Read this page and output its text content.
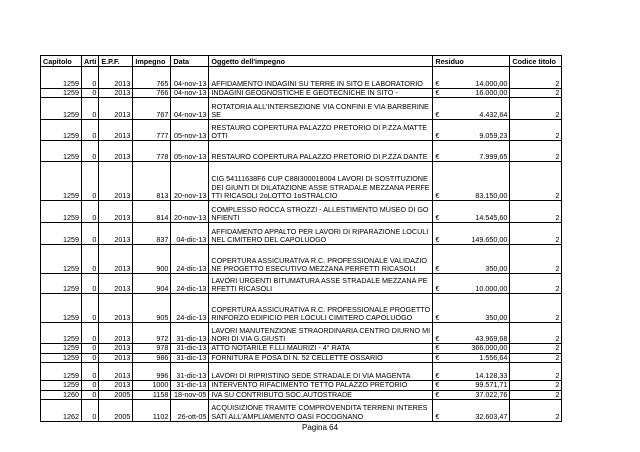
Capitolo	Arti	E.P.F.	Impegno	Data	Oggetto dell'impegno	Residuo	Codice titolo
1259	0	2013	765	04-nov-13	AFFIDAMENTO INDAGINI SU TERRE IN SITO E LABORATORIO	€ 14.000,00	2
1259	0	2013	766	04-nov-13	INDAGINI GEOGNOSTICHE E GEOTECNICHE IN SITO -	€ 16.000,00	2
1259	0	2013	767	04-nov-13	ROTATORIA ALL'INTERSEZIONE VIA CONFINI E VIA BARBERINESE	€ 4.432,64	2
1259	0	2013	777	05-nov-13	RESTAURO COPERTURA PALAZZO PRETORIO DI P.ZZA MATTEOTTI	€ 9.059,23	2
1259	0	2013	778	05-nov-13	RESTAURO COPERTURA PALAZZO PRETORIO DI P.ZZA DANTE	€ 7.999,65	2
1259	0	2013	813	20-nov-13	CIG 54111638F6 CUP C88I300018004 LAVORI DI SOSTITUZIONE DEI GIUNTI DI DILATAZIONE ASSE STRADALE MEZZANA PERFETTI RICASOLI 2oLOTTO 1oSTRALCIO	€ 83.150,00	2
1259	0	2013	814	20-nov-13	COMPLESSO ROCCA STROZZI - ALLESTIMENTO MUSEO DI GONFIENTI	€ 14.545,60	2
1259	0	2013	837	04-dic-13	AFFIDAMENTO APPALTO PER LAVORI DI RIPARAZIONE LOCULI NEL CIMITERO DEL CAPOLUOGO	€ 149.650,00	2
1259	0	2013	900	24-dic-13	COPERTURA ASSICURATIVA R.C. PROFESSIONALE VALIDAZIONE PROGETTO ESECUTIVO MEZZANA PERFETTI RICASOLI	€ 350,00	2
1259	0	2013	904	24-dic-13	LAVORI URGENTI BITUMATURA ASSE STRADALE MEZZANA PERFETTI RICASOLI	€ 10.000,00	2
1259	0	2013	905	24-dic-13	COPERTURA ASSICURATIVA R.C. PROFESSIONALE PROGETTO RINFORZO EDIFICIO PER LOCULI CIMITERO CAPOLUOGO	€ 350,00	2
1259	0	2013	972	31-dic-13	LAVORI MANUTENZIONE STRAORDINARIA CENTRO DIURNO MINORI DI VIA G.GIUSTI	€ 43.969,68	2
1259	0	2013	978	31-dic-13	ATTO NOTARILE F.LLI MAURIZI - 4° RATA	€ 366.000,00	2
1259	0	2013	986	31-dic-13	FORNITURA E POSA DI N. 52 CELLETTE OSSARIO	€ 1.556,64	2
1259	0	2013	996	31-dic-13	LAVORI DI RIPRISTINO SEDE STRADALE DI VIA MAGENTA	€ 14.128,33	2
1259	0	2013	1000	31-dic-13	INTERVENTO RIFACIMENTO TETTO PALAZZO PRETORIO	€ 99.571,71	2
1260	0	2005	1158	18-nov-05	IVA SU CONTRIBUTO SOC.AUTOSTRADE	€ 37.022,76	2
1262	0	2005	1102	26-ott-05	ACQUISIZIONE TRAMITE COMPROVENDITA TERRENI INTERESSATI ALL'AMPLIAMENTO OASI FOCOGNANO	€ 32.603,47	2
Pagina 64
